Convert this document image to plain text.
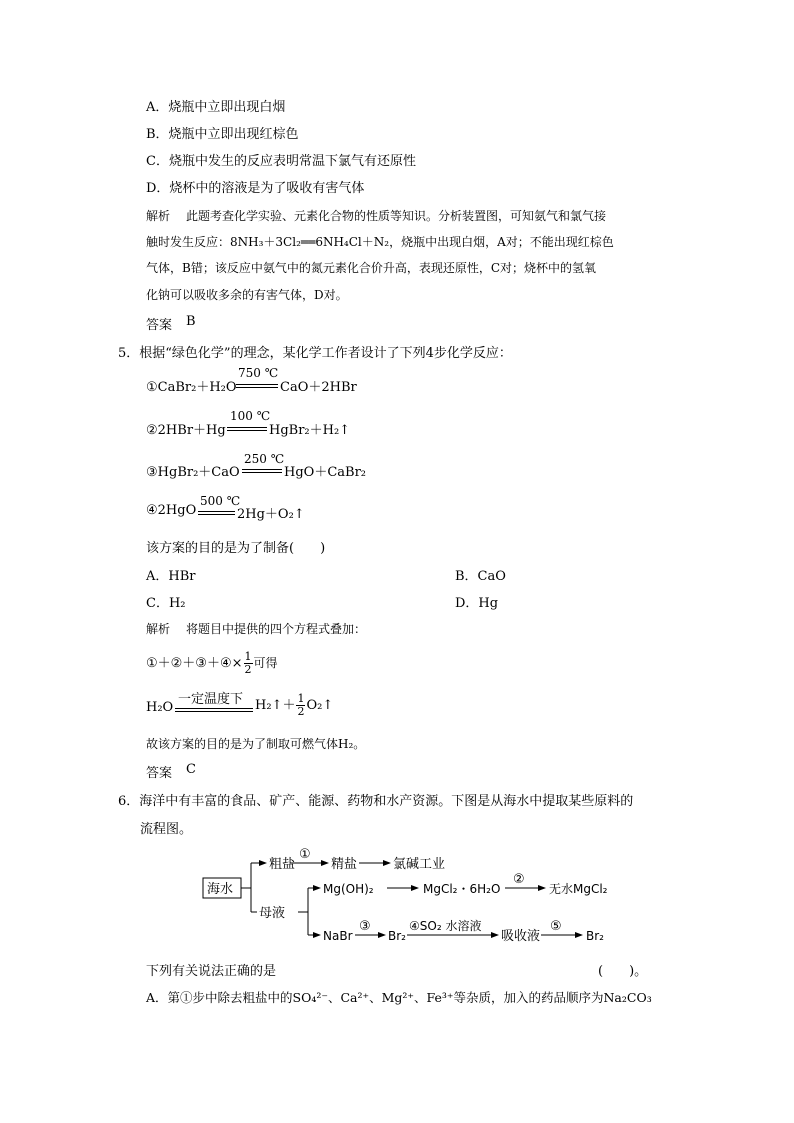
A．烧瓶中立即出现白烟
B．烧瓶中立即出现红棕色
C．烧瓶中发生的反应表明常温下氯气有还原性
D．烧杯中的溶液是为了吸收有害气体
解析 此题考查化学实验、元素化合物的性质等知识。分析装置图，可知氨气和氯气接
触时发生反应：8NH₃＋3Cl₂══6NH₄Cl＋N₂，烧瓶中出现白烟，A对；不能出现红棕色
气体，B错；该反应中氨气中的氮元素化合价升高，表现还原性，C对；烧杯中的氢氧
化钠可以吸收多余的有害气体，D对。
答案 B
5．根据“绿色化学”的理念，某化学工作者设计了下列4步化学反应：
①CaBr₂＋H₂O
750 ℃
CaO＋2HBr
②2HBr＋Hg
100 ℃
HgBr₂＋H₂↑
③HgBr₂＋CaO
250 ℃
HgO＋CaBr₂
④2HgO
500 ℃
2Hg＋O₂↑
该方案的目的是为了制备(　　)
A．HBr	B．CaO
C．H₂	D．Hg
解析 将题目中提供的四个方程式叠加：
①＋②＋③＋④× $\frac{1}{2}$ 可得
H₂O
一定温度下 H₂↑＋ $\frac{1}{2}$ O₂↑
故该方案的目的是为了制取可燃气体H₂。
答案 C
6．海洋中有丰富的食品、矿产、能源、药物和水产资源。下图是从海水中提取某些原料的
流程图。
海水
粗盐
①
精盐	氯碱工业
母液
Mg(OH)₂	MgCl₂・6H₂O
②
无水MgCl₂
NaBr
③
Br₂
④SO₂ 水溶液
吸收液
⑤
Br₂
下列有关说法正确的是	(　　)。
A．第①步中除去粗盐中的SO₄²⁻、Ca²⁺、Mg²⁺、Fe³⁺等杂质，加入的药品顺序为Na₂CO₃
